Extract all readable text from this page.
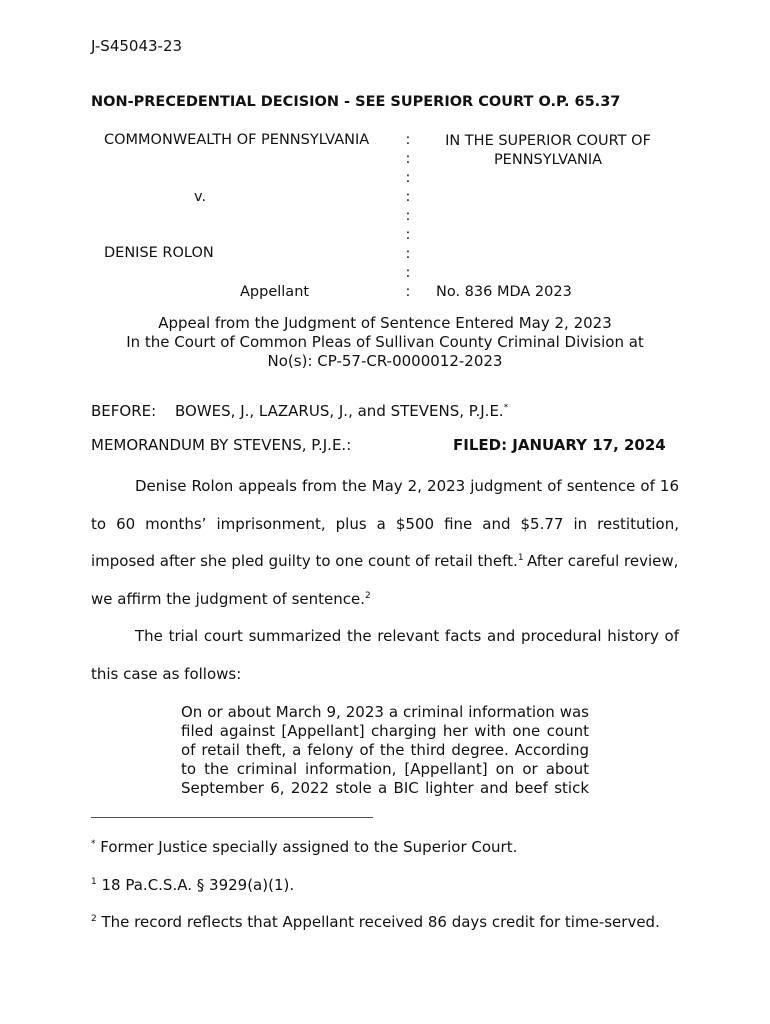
J-S45043-23
NON-PRECEDENTIAL DECISION - SEE SUPERIOR COURT O.P. 65.37
COMMONWEALTH OF PENNSYLVANIA
v.
DENISE ROLON
Appellant
:
:
:
:
:
:
:
:
:
IN THE SUPERIOR COURT OF
PENNSYLVANIA
No. 836 MDA 2023
Appeal from the Judgment of Sentence Entered May 2, 2023
In the Court of Common Pleas of Sullivan County Criminal Division at
No(s): CP-57-CR-0000012-2023
BEFORE: BOWES, J., LAZARUS, J., and STEVENS, P.J.E.*
MEMORANDUM BY STEVENS, P.J.E.:	FILED: JANUARY 17, 2024
Denise Rolon appeals from the May 2, 2023 judgment of sentence of 16
to 60 months’ imprisonment, plus a $500 fine and $5.77 in restitution,
imposed after she pled guilty to one count of retail theft.$^1$ After careful review,
we affirm the judgment of sentence.$^2$
The trial court summarized the relevant facts and procedural history of
this case as follows:
On or about March 9, 2023 a criminal information was
filed against [Appellant] charging her with one count
of retail theft, a felony of the third degree. According
to the criminal information, [Appellant] on or about
September 6, 2022 stole a BIC lighter and beef stick
* Former Justice specially assigned to the Superior Court.
$^1$ 18 Pa.C.S.A. § 3929(a)(1).
$^2$ The record reflects that Appellant received 86 days credit for time-served.
